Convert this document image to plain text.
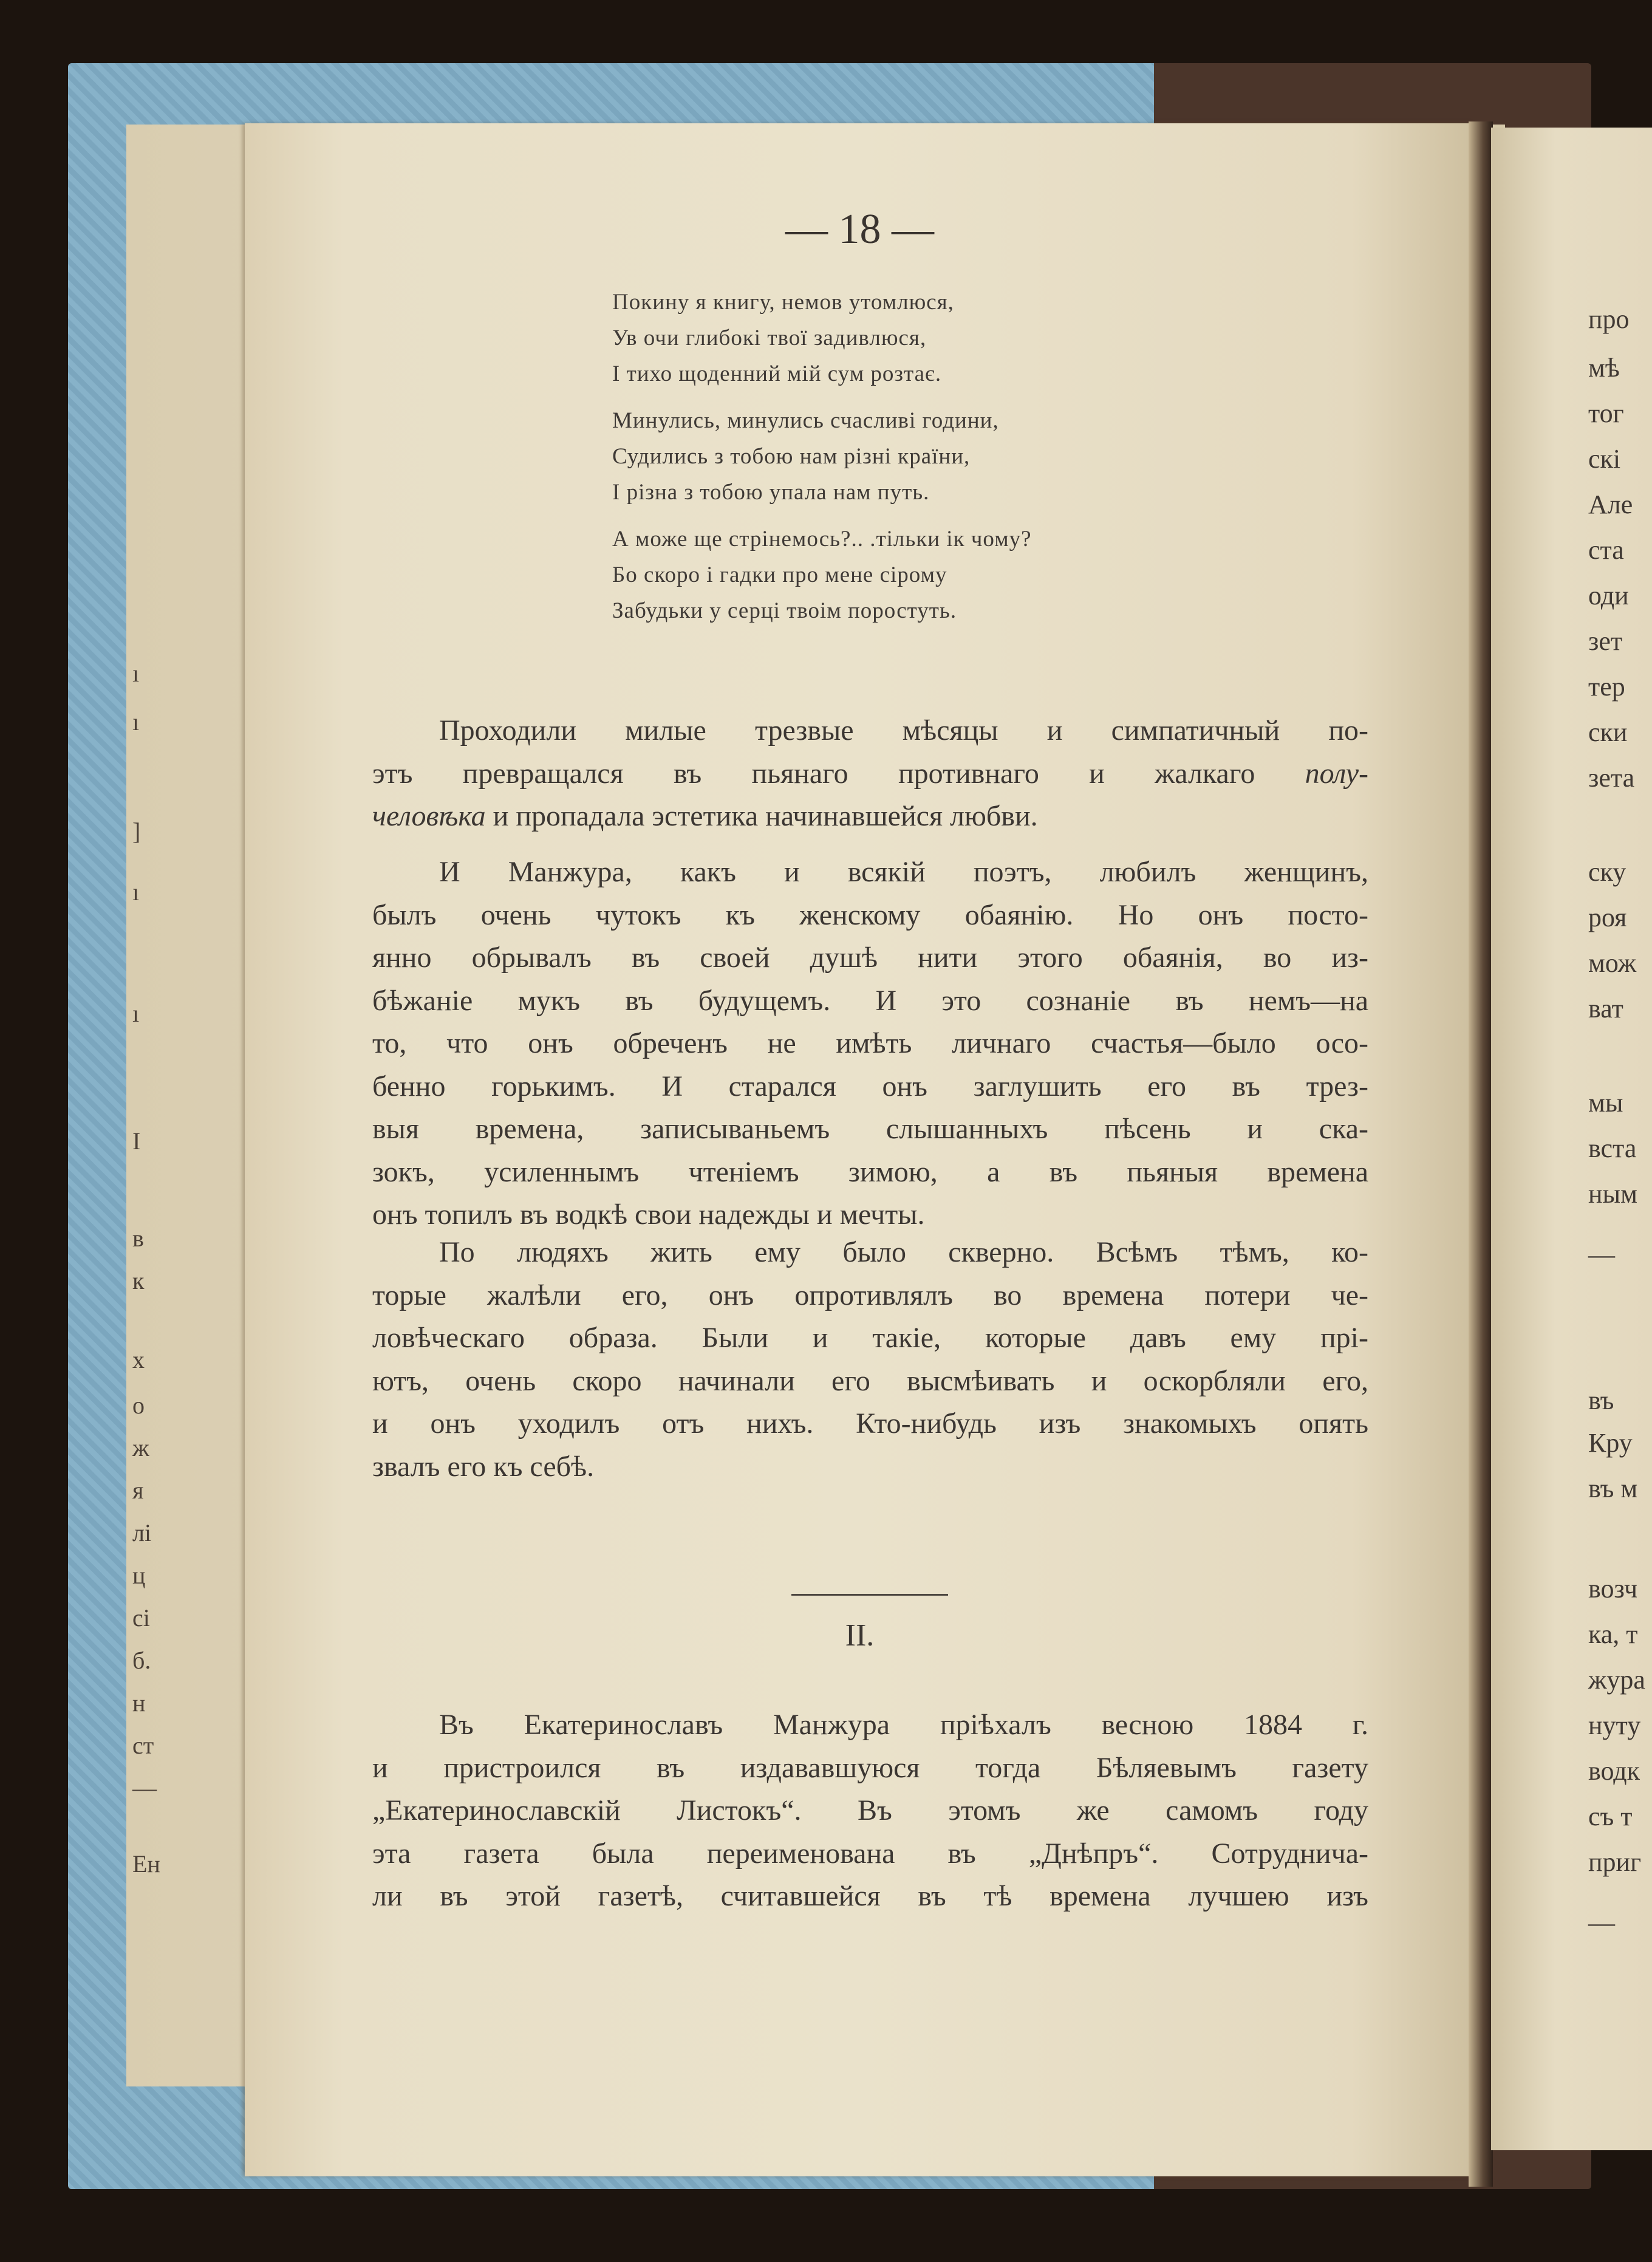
ı
ı
]
ı
ı
І
в
к
х
о
ж
я
лі
ц
сі
б.
н
ст
—
Ен
— 18 —
Покину я книгу, немов утомлюся,
Ув очи глибокі твої задивлюся,
І тихо щоденний мій сум розтає.
Минулись, минулись счасливі години,
Судились з тобою нам різні країни,
І різна з тобою упала нам путь.
А може ще стрінемось?.. .тільки ік чому?
Бо скоро і гадки про мене сірому
Забудьки у серці твоім поростуть.
Проходили милые трезвые мѣсяцы и симпатичный по-
этъ превращался въ пьянаго противнаго и жалкаго полу-
человѣка и пропадала эстетика начинавшейся любви.
И Манжура, какъ и всякій поэтъ, любилъ женщинъ,
былъ очень чутокъ къ женскому обаянію. Но онъ посто-
янно обрывалъ въ своей душѣ нити этого обаянія, во из-
бѣжаніе мукъ въ будущемъ. И это сознаніе въ немъ—на
то, что онъ обреченъ не имѣть личнаго счастья—было осо-
бенно горькимъ. И старался онъ заглушить его въ трез-
выя времена, записываньемъ слышанныхъ пѣсень и ска-
зокъ, усиленнымъ чтеніемъ зимою, а въ пьяныя времена
онъ топилъ въ водкѣ свои надежды и мечты.
По людяхъ жить ему было скверно. Всѣмъ тѣмъ, ко-
торые жалѣли его, онъ опротивлялъ во времена потери че-
ловѣческаго образа. Были и такіе, которые давъ ему прі-
ютъ, очень скоро начинали его высмѣивать и оскорбляли его,
и онъ уходилъ отъ нихъ. Кто-нибудь изъ знакомыхъ опять
звалъ его къ себѣ.
II.
Въ Екатеринославъ Манжура пріѣхалъ весною 1884 г.
и пристроился въ издававшуюся тогда Бѣляевымъ газету
„Екатеринославскій Листокъ“. Въ этомъ же самомъ году
эта газета была переименована въ „Днѣпръ“. Сотруднича-
ли въ этой газетѣ, считавшейся въ тѣ времена лучшею изъ
про
мѣ
тог
скі
Але
ста
оди
зет
тер
ски
зета
ску
роя
мож
ват
мы
вста
ным
—
въ
Кру
въ м
возч
ка, т
жура
нуту
водк
съ т
приг
—
